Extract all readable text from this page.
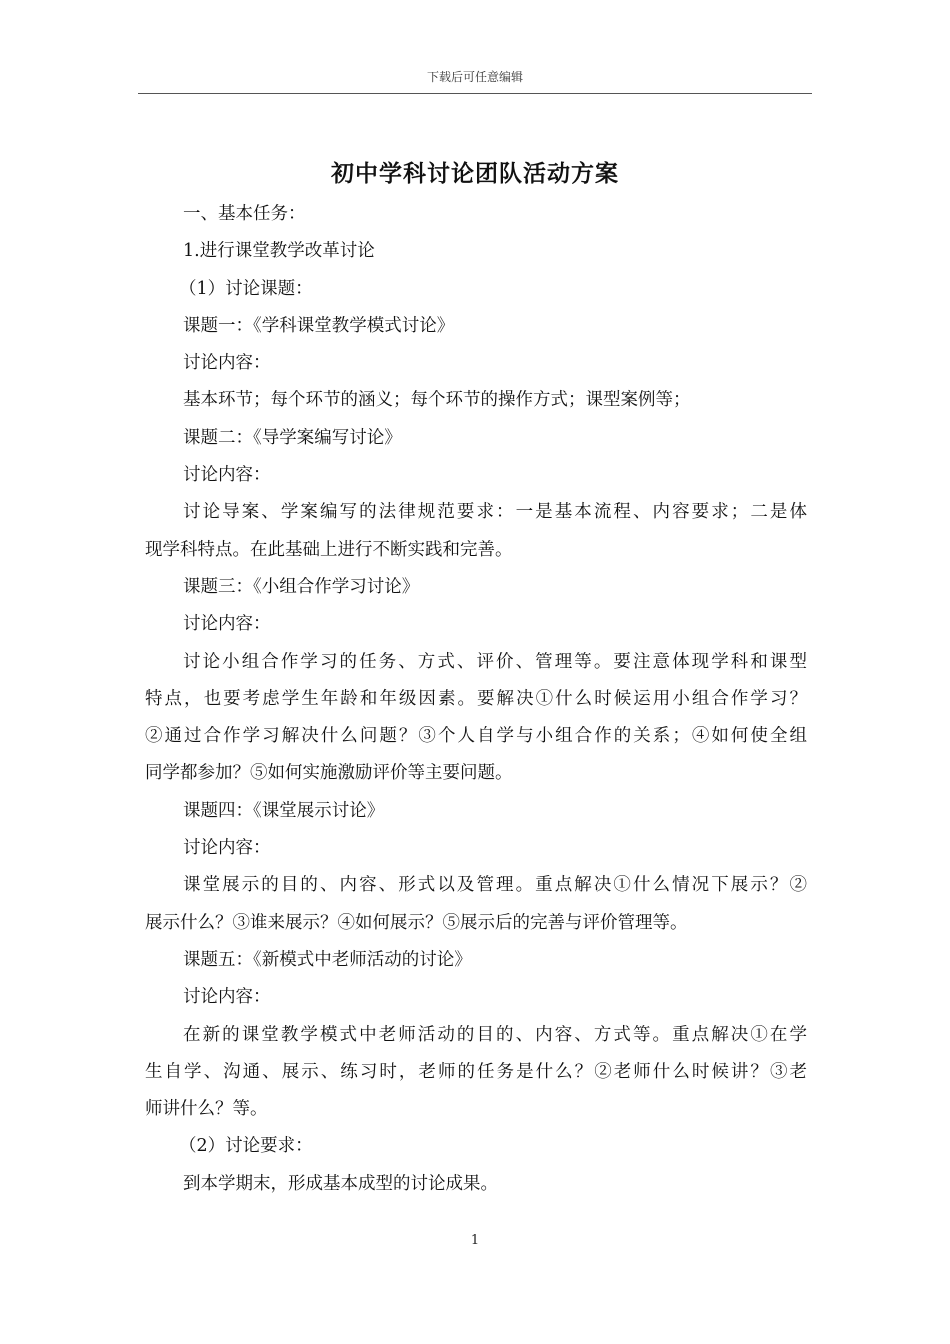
下载后可任意编辑
初中学科讨论团队活动方案

一、基本任务：

1.进行课堂教学改革讨论

（1）讨论课题：

课题一：《学科课堂教学模式讨论》

讨论内容：

基本环节；每个环节的涵义；每个环节的操作方式；课型案例等；

课题二：《导学案编写讨论》

讨论内容：

讨论导案、学案编写的法律规范要求：一是基本流程、内容要求；二是体

现学科特点。在此基础上进行不断实践和完善。

课题三：《小组合作学习讨论》

讨论内容：

讨论小组合作学习的任务、方式、评价、管理等。要注意体现学科和课型

特点，也要考虑学生年龄和年级因素。要解决①什么时候运用小组合作学习？

②通过合作学习解决什么问题？③个人自学与小组合作的关系；④如何使全组

同学都参加？⑤如何实施激励评价等主要问题。

课题四：《课堂展示讨论》

讨论内容：

课堂展示的目的、内容、形式以及管理。重点解决①什么情况下展示？②

展示什么？③谁来展示？④如何展示？⑤展示后的完善与评价管理等。

课题五：《新模式中老师活动的讨论》

讨论内容：

在新的课堂教学模式中老师活动的目的、内容、方式等。重点解决①在学

生自学、沟通、展示、练习时，老师的任务是什么？②老师什么时候讲？③老

师讲什么？等。

（2）讨论要求：

到本学期末，形成基本成型的讨论成果。

1
